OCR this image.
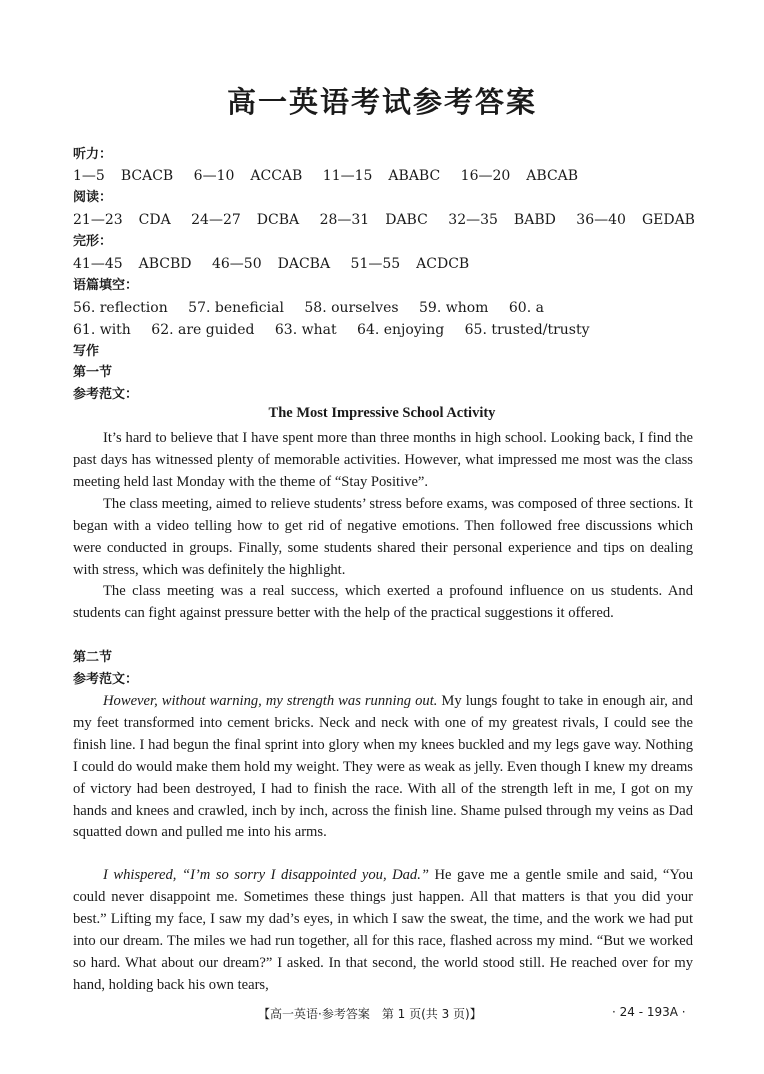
高一英语考试参考答案
听力：
1—5 BCACB 6—10 ACCAB 11—15 ABABC 16—20 ABCAB
阅读：
21—23 CDA 24—27 DCBA 28—31 DABC 32—35 BABD 36—40 GEDAB
完形：
41—45 ABCBD 46—50 DACBA 51—55 ACDCB
语篇填空：
56. reflection 57. beneficial 58. ourselves 59. whom 60. a
61. with 62. are guided 63. what 64. enjoying 65. trusted/trusty
写作
第一节
参考范文：
The Most Impressive School Activity

It’s hard to believe that I have spent more than three months in high school. Looking back, I find the past days has witnessed plenty of memorable activities. However, what impressed me most was the class meeting held last Monday with the theme of “Stay Positive”.

The class meeting, aimed to relieve students’ stress before exams, was composed of three sections. It began with a video telling how to get rid of negative emotions. Then followed free discussions which were conducted in groups. Finally, some students shared their personal experience and tips on dealing with stress, which was definitely the highlight.

The class meeting was a real success, which exerted a profound influence on us students. And students can fight against pressure better with the help of the practical suggestions it offered.

第二节
参考范文：

However, without warning, my strength was running out. My lungs fought to take in enough air, and my feet transformed into cement bricks. Neck and neck with one of my greatest rivals, I could see the finish line. I had begun the final sprint into glory when my knees buckled and my legs gave way. Nothing I could do would make them hold my weight. They were as weak as jelly. Even though I knew my dreams of victory had been destroyed, I had to finish the race. With all of the strength left in me, I got on my hands and knees and crawled, inch by inch, across the finish line. Shame pulsed through my veins as Dad squatted down and pulled me into his arms.

I whispered, “I’m so sorry I disappointed you, Dad.” He gave me a gentle smile and said, “You could never disappoint me. Sometimes these things just happen. All that matters is that you did your best.” Lifting my face, I saw my dad’s eyes, in which I saw the sweat, the time, and the work we had put into our dream. The miles we had run together, all for this race, flashed across my mind. “But we worked so hard. What about our dream?” I asked. In that second, the world stood still. He reached over for my hand, holding back his own tears,

【高一英语·参考答案　第 1 页(共 3 页)】	· 24 - 193A ·
